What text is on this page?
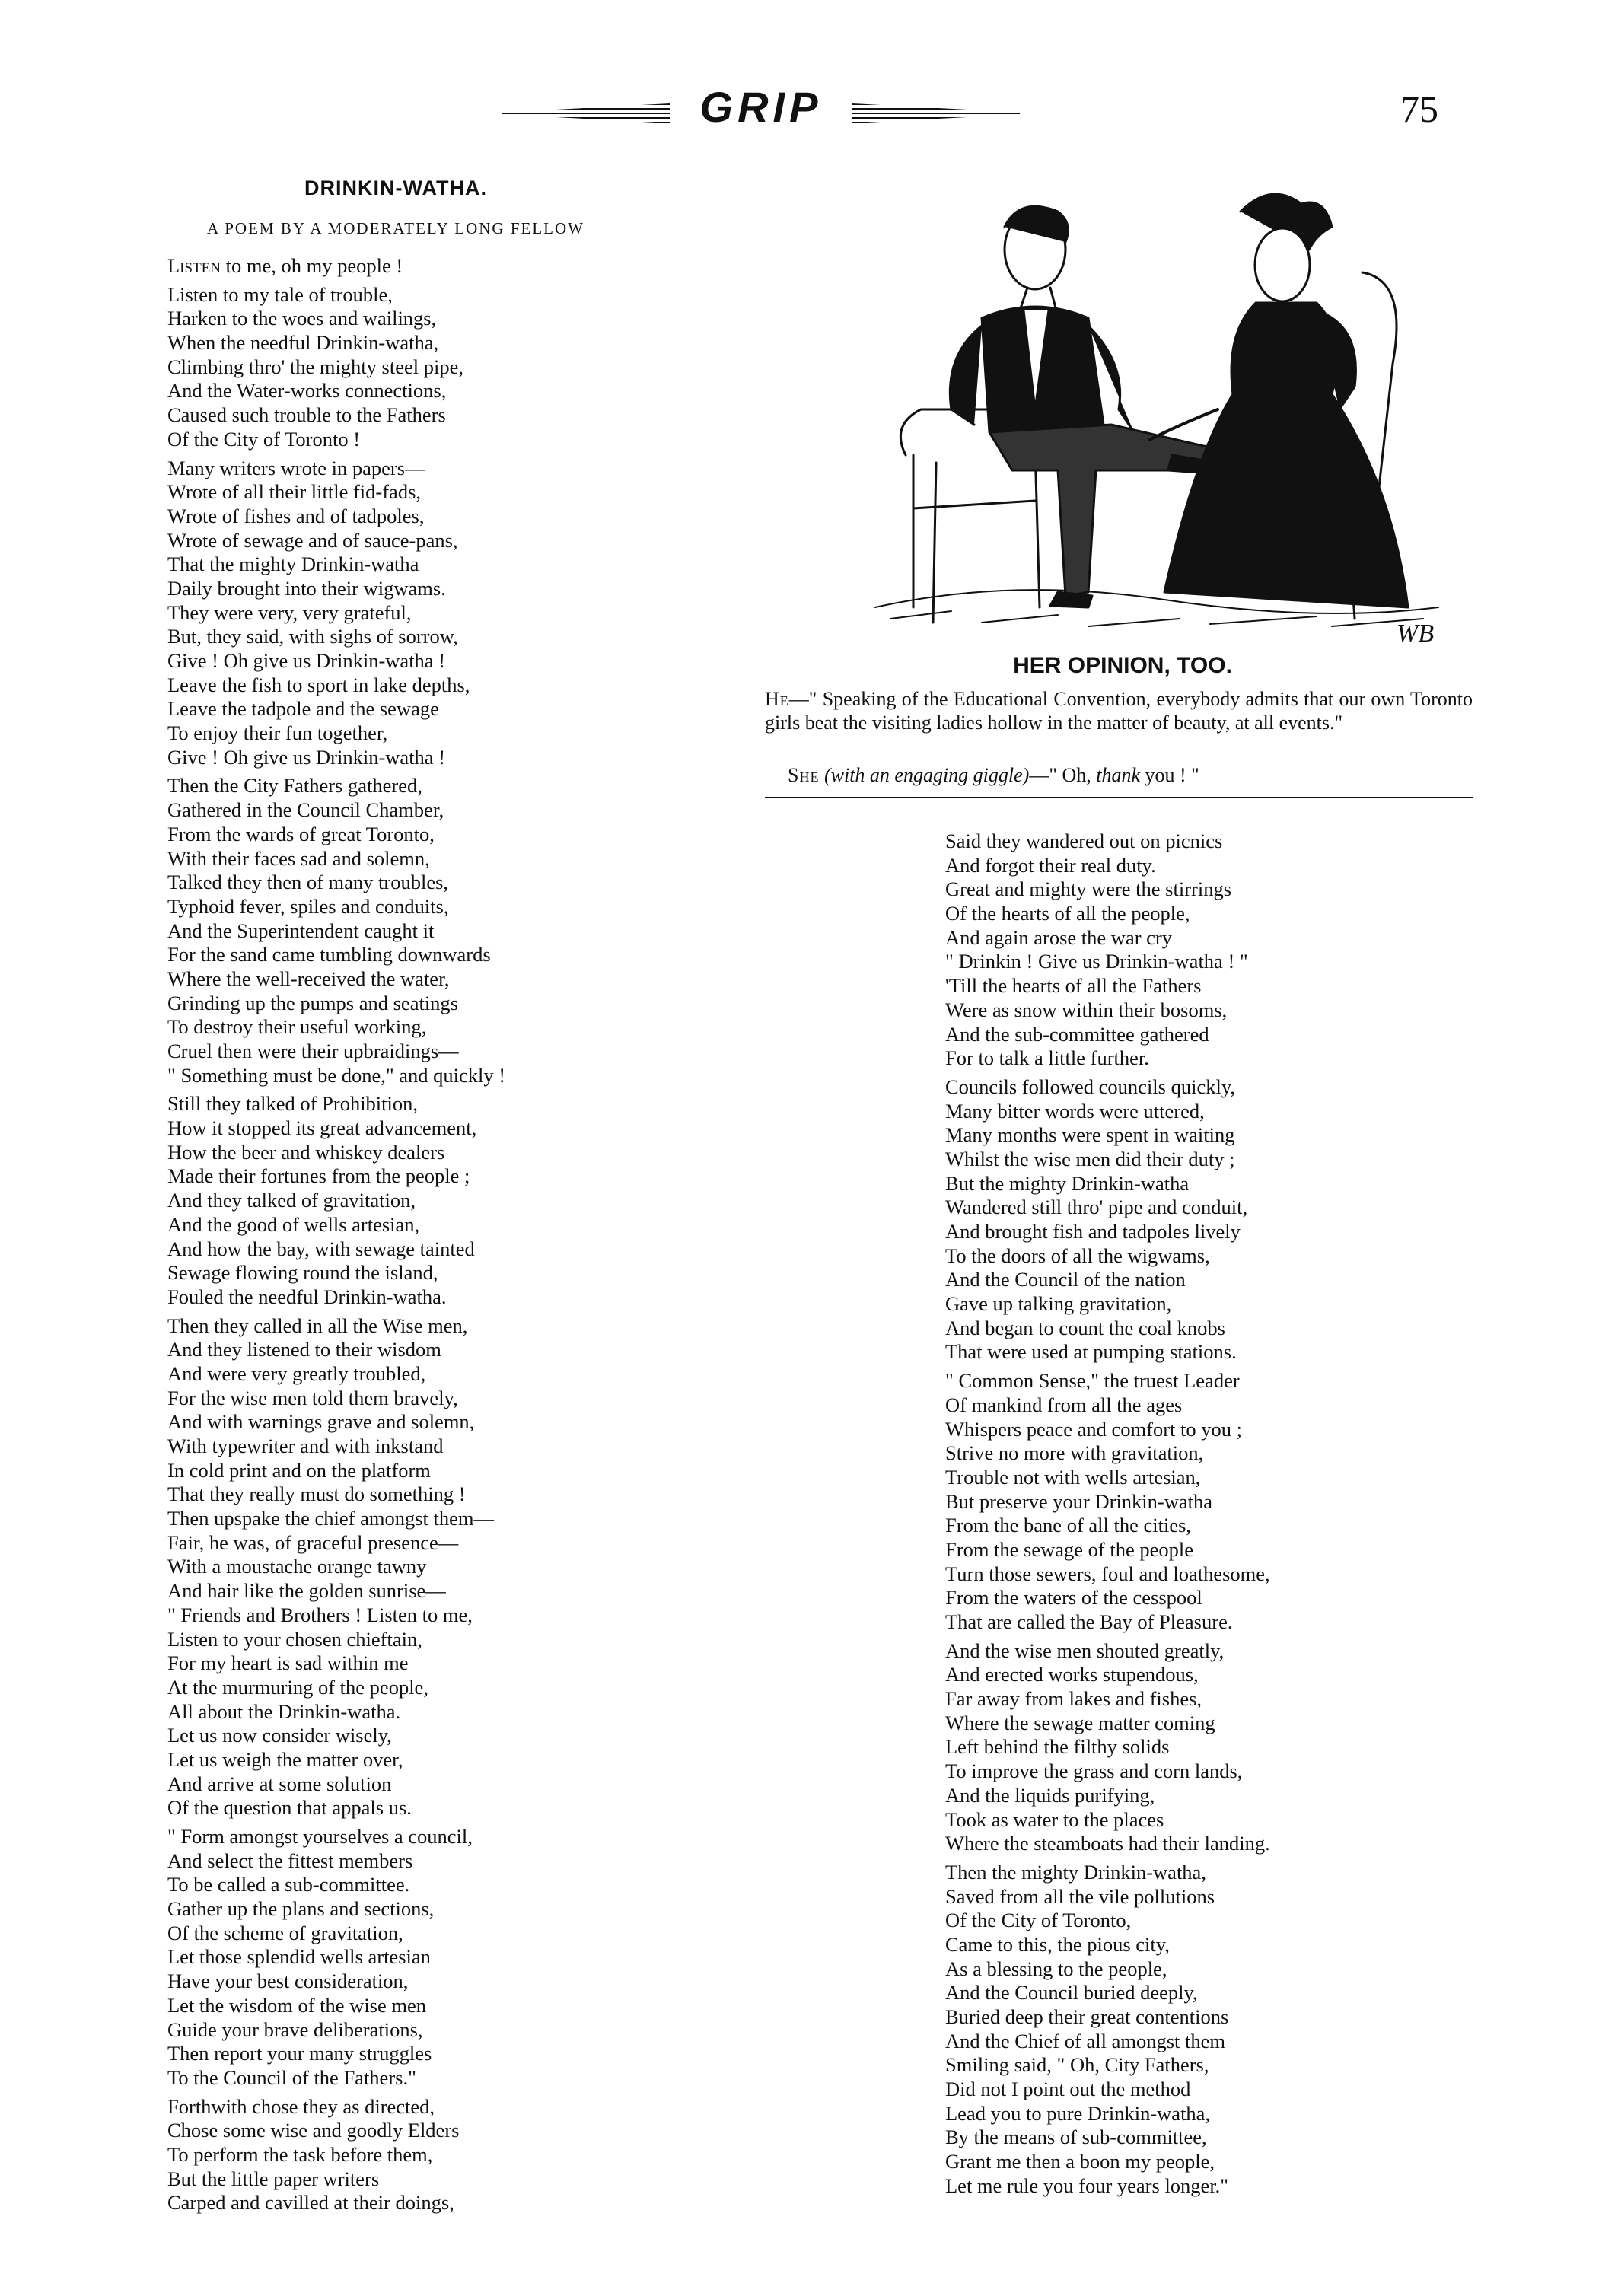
GRIP	75
DRINKIN-WATHA.
A POEM BY A MODERATELY LONG FELLOW
Listen to me, oh my people !
Listen to my tale of trouble,
Harken to the woes and wailings,
When the needful Drinkin-watha,
Climbing thro' the mighty steel pipe,
And the Water-works connections,
Caused such trouble to the Fathers
Of the City of Toronto !
Many writers wrote in papers—
Wrote of all their little fid-fads,
Wrote of fishes and of tadpoles,
Wrote of sewage and of sauce-pans,
That the mighty Drinkin-watha
Daily brought into their wigwams.
They were very, very grateful,
But, they said, with sighs of sorrow,
Give ! Oh give us Drinkin-watha !
Leave the fish to sport in lake depths,
Leave the tadpole and the sewage
To enjoy their fun together,
Give ! Oh give us Drinkin-watha !
Then the City Fathers gathered,
Gathered in the Council Chamber,
From the wards of great Toronto,
With their faces sad and solemn,
Talked they then of many troubles,
Typhoid fever, spiles and conduits,
And the Superintendent caught it
For the sand came tumbling downwards
Where the well-received the water,
Grinding up the pumps and seatings
To destroy their useful working,
Cruel then were their upbraidings—
" Something must be done," and quickly !
Still they talked of Prohibition,
How it stopped its great advancement,
How the beer and whiskey dealers
Made their fortunes from the people ;
And they talked of gravitation,
And the good of wells artesian,
And how the bay, with sewage tainted
Sewage flowing round the island,
Fouled the needful Drinkin-watha.
Then they called in all the Wise men,
And they listened to their wisdom
And were very greatly troubled,
For the wise men told them bravely,
And with warnings grave and solemn,
With typewriter and with inkstand
In cold print and on the platform
That they really must do something !
Then upspake the chief amongst them—
Fair, he was, of graceful presence—
With a moustache orange tawny
And hair like the golden sunrise—
" Friends and Brothers ! Listen to me,
Listen to your chosen chieftain,
For my heart is sad within me
At the murmuring of the people,
All about the Drinkin-watha.
Let us now consider wisely,
Let us weigh the matter over,
And arrive at some solution
Of the question that appals us.
" Form amongst yourselves a council,
And select the fittest members
To be called a sub-committee.
Gather up the plans and sections,
Of the scheme of gravitation,
Let those splendid wells artesian
Have your best consideration,
Let the wisdom of the wise men
Guide your brave deliberations,
Then report your many struggles
To the Council of the Fathers."
Forthwith chose they as directed,
Chose some wise and goodly Elders
To perform the task before them,
But the little paper writers
Carped and cavilled at their doings,
WB
HER OPINION, TOO.
He—" Speaking of the Educational Convention, everybody admits that our own Toronto girls beat the visiting ladies hollow in the matter of beauty, at all events."
She (with an engaging giggle)—" Oh, thank you ! "
Said they wandered out on picnics
And forgot their real duty.
Great and mighty were the stirrings
Of the hearts of all the people,
And again arose the war cry
" Drinkin ! Give us Drinkin-watha ! "
'Till the hearts of all the Fathers
Were as snow within their bosoms,
And the sub-committee gathered
For to talk a little further.
Councils followed councils quickly,
Many bitter words were uttered,
Many months were spent in waiting
Whilst the wise men did their duty ;
But the mighty Drinkin-watha
Wandered still thro' pipe and conduit,
And brought fish and tadpoles lively
To the doors of all the wigwams,
And the Council of the nation
Gave up talking gravitation,
And began to count the coal knobs
That were used at pumping stations.
" Common Sense," the truest Leader
Of mankind from all the ages
Whispers peace and comfort to you ;
Strive no more with gravitation,
Trouble not with wells artesian,
But preserve your Drinkin-watha
From the bane of all the cities,
From the sewage of the people
Turn those sewers, foul and loathesome,
From the waters of the cesspool
That are called the Bay of Pleasure.
And the wise men shouted greatly,
And erected works stupendous,
Far away from lakes and fishes,
Where the sewage matter coming
Left behind the filthy solids
To improve the grass and corn lands,
And the liquids purifying,
Took as water to the places
Where the steamboats had their landing.
Then the mighty Drinkin-watha,
Saved from all the vile pollutions
Of the City of Toronto,
Came to this, the pious city,
As a blessing to the people,
And the Council buried deeply,
Buried deep their great contentions
And the Chief of all amongst them
Smiling said, " Oh, City Fathers,
Did not I point out the method
Lead you to pure Drinkin-watha,
By the means of sub-committee,
Grant me then a boon my people,
Let me rule you four years longer."
